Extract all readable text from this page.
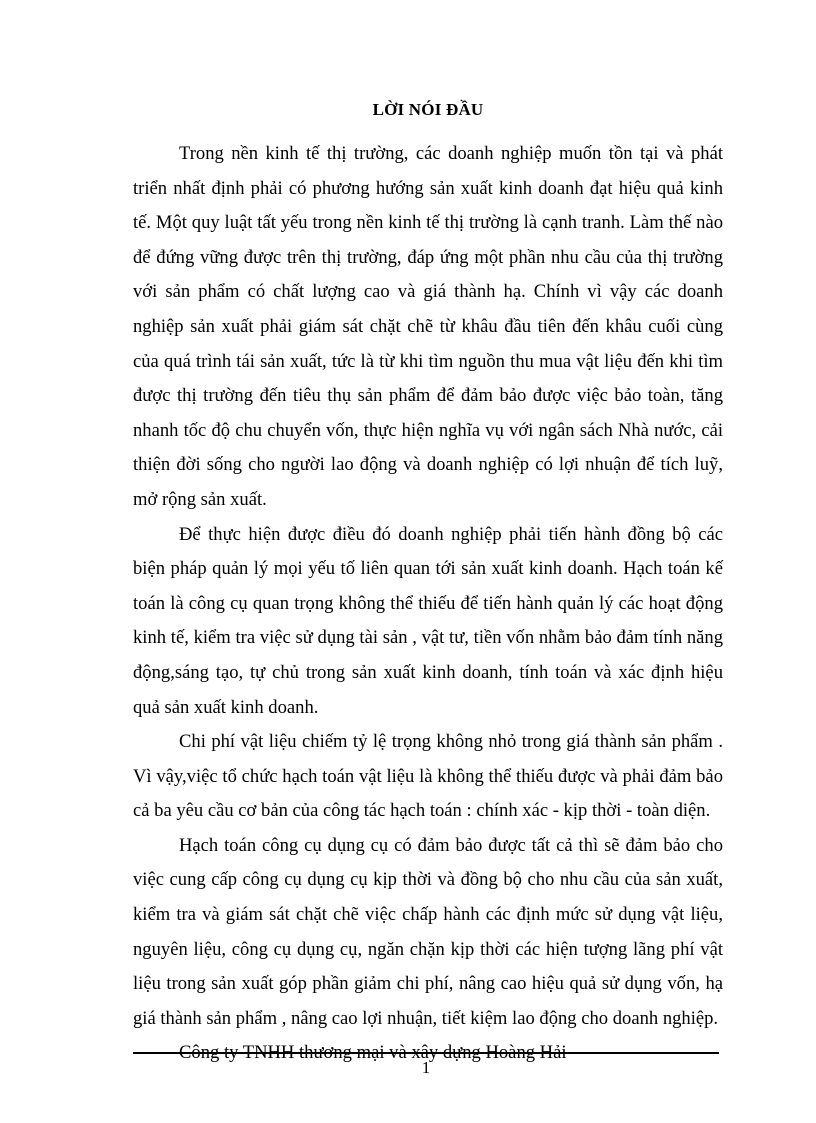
LỜI NÓI ĐẦU

Trong nền kinh tế thị trường, các doanh nghiệp muốn tồn tại và phát triển nhất định phải có phương hướng sản xuất kinh doanh đạt hiệu quả kinh tế. Một quy luật tất yếu trong nền kinh tế thị trường là cạnh tranh. Làm thế nào để đứng vững được trên thị trường, đáp ứng một phần nhu cầu của thị trường với sản phẩm có chất lượng cao và giá thành hạ. Chính vì vậy các doanh nghiệp sản xuất phải giám sát chặt chẽ từ khâu đầu tiên đến khâu cuối cùng của quá trình tái sản xuất, tức là từ khi tìm nguồn thu mua vật liệu đến khi tìm được thị trường đến tiêu thụ sản phẩm để đảm bảo được việc bảo toàn, tăng nhanh tốc độ chu chuyển vốn, thực hiện nghĩa vụ với ngân sách Nhà nước, cải thiện đời sống cho người lao động và doanh nghiệp có lợi nhuận để tích luỹ, mở rộng sản xuất.

Để thực hiện được điều đó doanh nghiệp phải tiến hành đồng bộ các biện pháp quản lý mọi yếu tố liên quan tới sản xuất kinh doanh. Hạch toán kế toán là công cụ quan trọng không thể thiếu để tiến hành quản lý các hoạt động kinh tế, kiểm tra việc sử dụng tài sản , vật tư, tiền vốn nhằm bảo đảm tính năng động,sáng tạo, tự chủ trong sản xuất kinh doanh, tính toán và xác định hiệu quả sản xuất kinh doanh.

Chi phí vật liệu chiếm tỷ lệ trọng không nhỏ trong giá thành sản phẩm . Vì vậy,việc tổ chức hạch toán vật liệu là không thể thiếu được và phải đảm bảo cả ba yêu cầu cơ bản của công tác hạch toán : chính xác - kịp thời - toàn diện.

Hạch toán công cụ dụng cụ có đảm bảo được tất cả thì sẽ đảm bảo cho việc cung cấp công cụ dụng cụ kịp thời và đồng bộ cho nhu cầu của sản xuất, kiểm tra và giám sát chặt chẽ việc chấp hành các định mức sử dụng vật liệu, nguyên liệu, công cụ dụng cụ, ngăn chặn kịp thời các hiện tượng lãng phí vật liệu trong sản xuất góp phần giảm chi phí, nâng cao hiệu quả sử dụng vốn, hạ giá thành sản phẩm , nâng cao lợi nhuận, tiết kiệm lao động cho doanh nghiệp.

Công ty TNHH thương mại và xây dựng Hoàng Hải

1
